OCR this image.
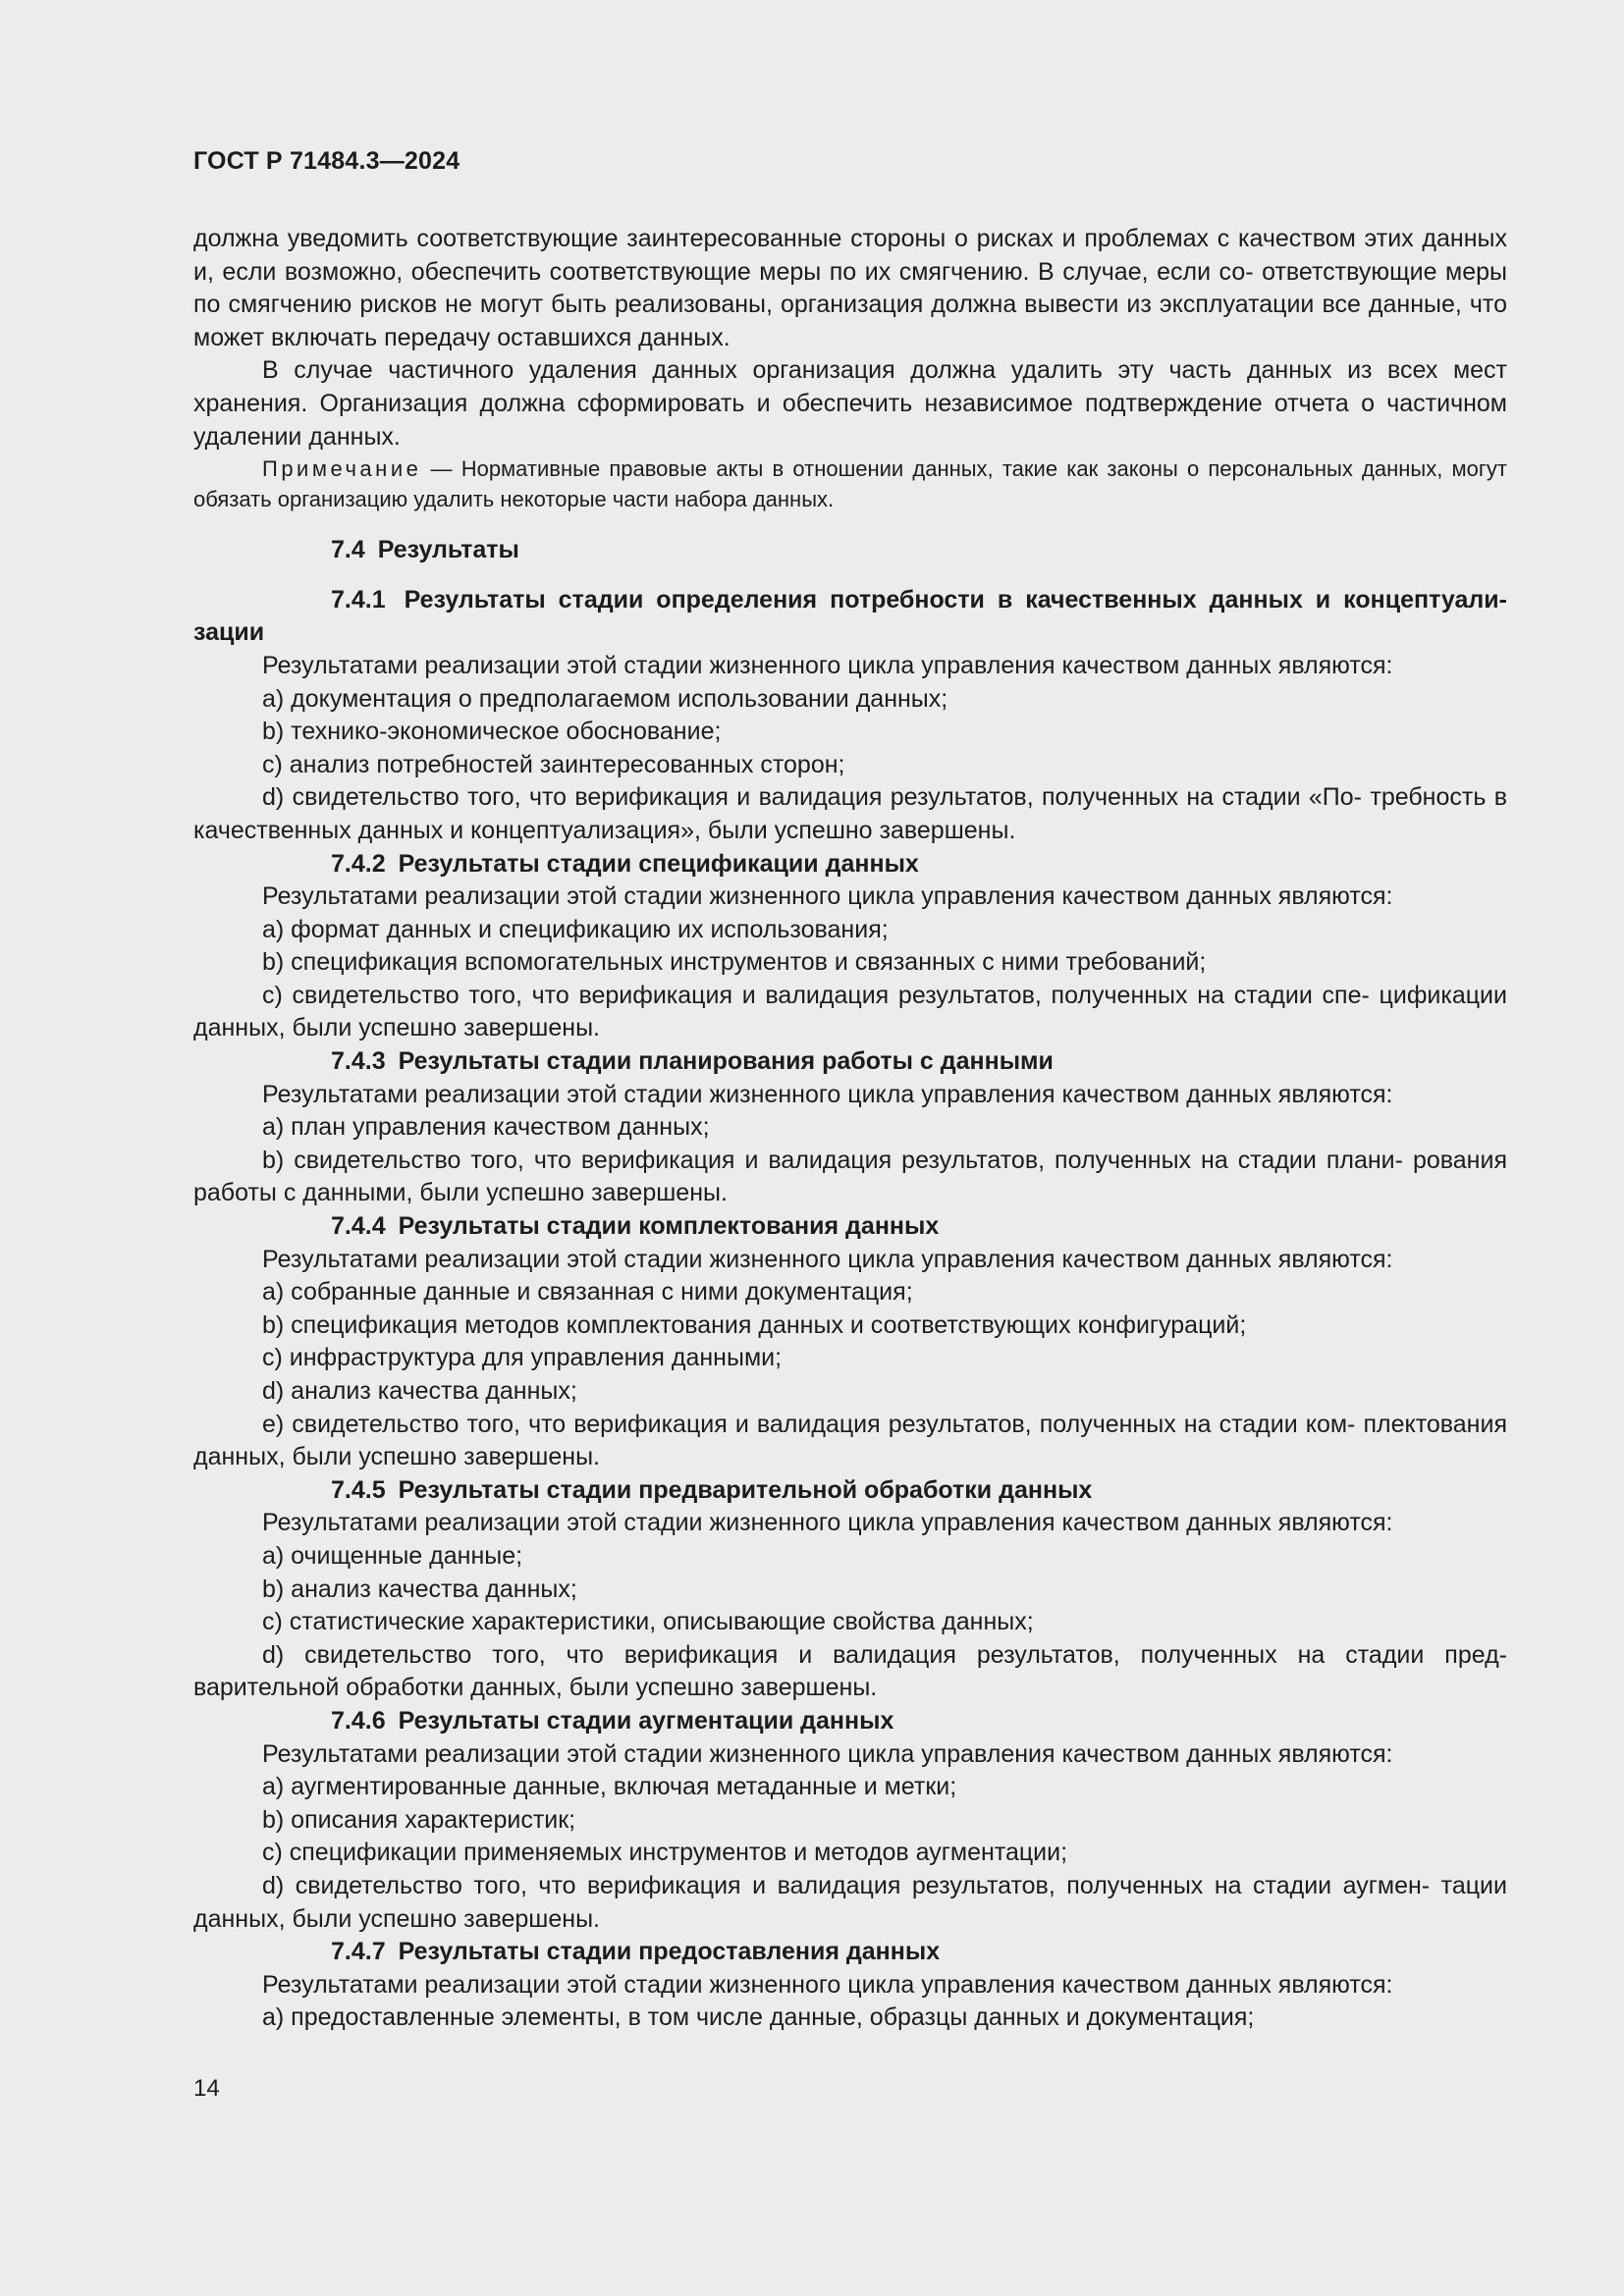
ГОСТ Р 71484.3—2024

должна уведомить соответствующие заинтересованные стороны о рисках и проблемах с качеством этих данных и, если возможно, обеспечить соответствующие меры по их смягчению. В случае, если со- ответствующие меры по смягчению рисков не могут быть реализованы, организация должна вывести из эксплуатации все данные, что может включать передачу оставшихся данных.

В случае частичного удаления данных организация должна удалить эту часть данных из всех мест хранения. Организация должна сформировать и обеспечить независимое подтверждение отчета о частичном удалении данных.

Примечание — Нормативные правовые акты в отношении данных, такие как законы о персональных данных, могут обязать организацию удалить некоторые части набора данных.

7.4 Результаты

7.4.1 Результаты стадии определения потребности в качественных данных и концептуали- зации

Результатами реализации этой стадии жизненного цикла управления качеством данных являются:

a) документация о предполагаемом использовании данных;

b) технико-экономическое обоснование;

c) анализ потребностей заинтересованных сторон;

d) свидетельство того, что верификация и валидация результатов, полученных на стадии «По- требность в качественных данных и концептуализация», были успешно завершены.

7.4.2 Результаты стадии спецификации данных

Результатами реализации этой стадии жизненного цикла управления качеством данных являются:

a) формат данных и спецификацию их использования;

b) спецификация вспомогательных инструментов и связанных с ними требований;

c) свидетельство того, что верификация и валидация результатов, полученных на стадии спе- цификации данных, были успешно завершены.

7.4.3 Результаты стадии планирования работы с данными

Результатами реализации этой стадии жизненного цикла управления качеством данных являются:

a) план управления качеством данных;

b) свидетельство того, что верификация и валидация результатов, полученных на стадии плани- рования работы с данными, были успешно завершены.

7.4.4 Результаты стадии комплектования данных

Результатами реализации этой стадии жизненного цикла управления качеством данных являются:

a) собранные данные и связанная с ними документация;

b) спецификация методов комплектования данных и соответствующих конфигураций;

c) инфраструктура для управления данными;

d) анализ качества данных;

e) свидетельство того, что верификация и валидация результатов, полученных на стадии ком- плектования данных, были успешно завершены.

7.4.5 Результаты стадии предварительной обработки данных

Результатами реализации этой стадии жизненного цикла управления качеством данных являются:

a) очищенные данные;

b) анализ качества данных;

c) статистические характеристики, описывающие свойства данных;

d) свидетельство того, что верификация и валидация результатов, полученных на стадии пред- варительной обработки данных, были успешно завершены.

7.4.6 Результаты стадии аугментации данных

Результатами реализации этой стадии жизненного цикла управления качеством данных являются:

a) аугментированные данные, включая метаданные и метки;

b) описания характеристик;

c) спецификации применяемых инструментов и методов аугментации;

d) свидетельство того, что верификация и валидация результатов, полученных на стадии аугмен- тации данных, были успешно завершены.

7.4.7 Результаты стадии предоставления данных

Результатами реализации этой стадии жизненного цикла управления качеством данных являются:

a) предоставленные элементы, в том числе данные, образцы данных и документация;

14
